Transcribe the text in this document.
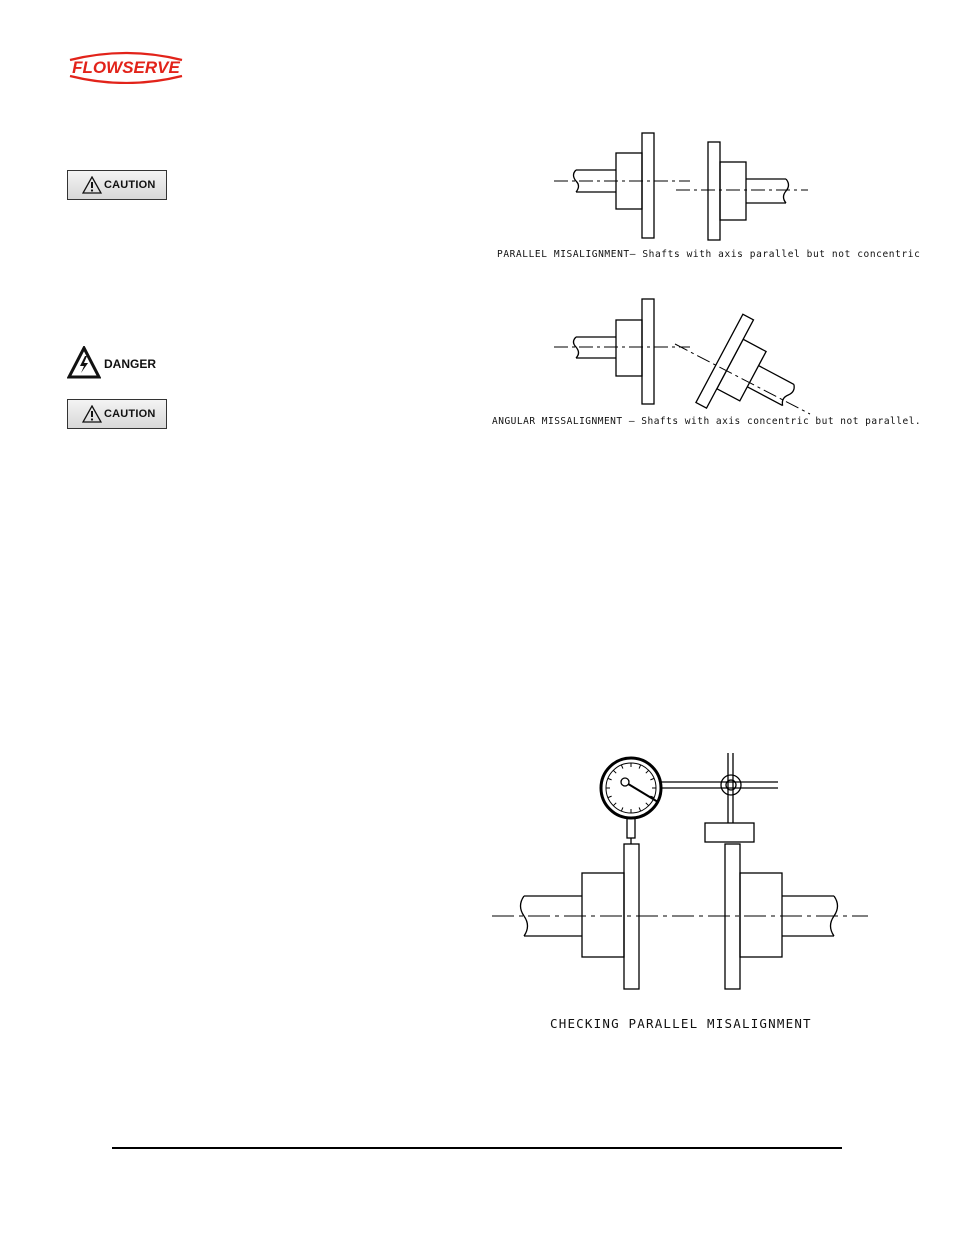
FLOWSERVE
CAUTION
DANGER
CAUTION
PARALLEL MISALIGNMENT— Shafts with axis parallel but not concentric
ANGULAR MISSALIGNMENT – Shafts with axis concentric but not parallel.
CHECKING PARALLEL MISALIGNMENT
